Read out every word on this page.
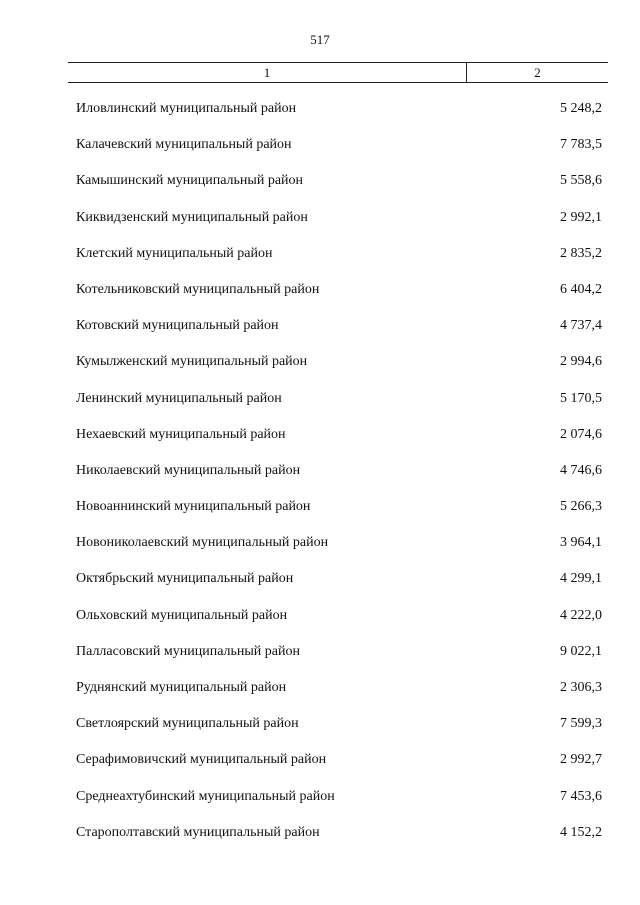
517
1	2
Иловлинский муниципальный район	5 248,2
Калачевский муниципальный район	7 783,5
Камышинский муниципальный район	5 558,6
Киквидзенский муниципальный район	2 992,1
Клетский муниципальный район	2 835,2
Котельниковский муниципальный район	6 404,2
Котовский муниципальный район	4 737,4
Кумылженский муниципальный район	2 994,6
Ленинский муниципальный район	5 170,5
Нехаевский муниципальный район	2 074,6
Николаевский муниципальный район	4 746,6
Новоаннинский муниципальный район	5 266,3
Новониколаевский муниципальный район	3 964,1
Октябрьский муниципальный район	4 299,1
Ольховский муниципальный район	4 222,0
Палласовский муниципальный район	9 022,1
Руднянский муниципальный район	2 306,3
Светлоярский муниципальный район	7 599,3
Серафимовичский муниципальный район	2 992,7
Среднеахтубинский муниципальный район	7 453,6
Старополтавский муниципальный район	4 152,2
